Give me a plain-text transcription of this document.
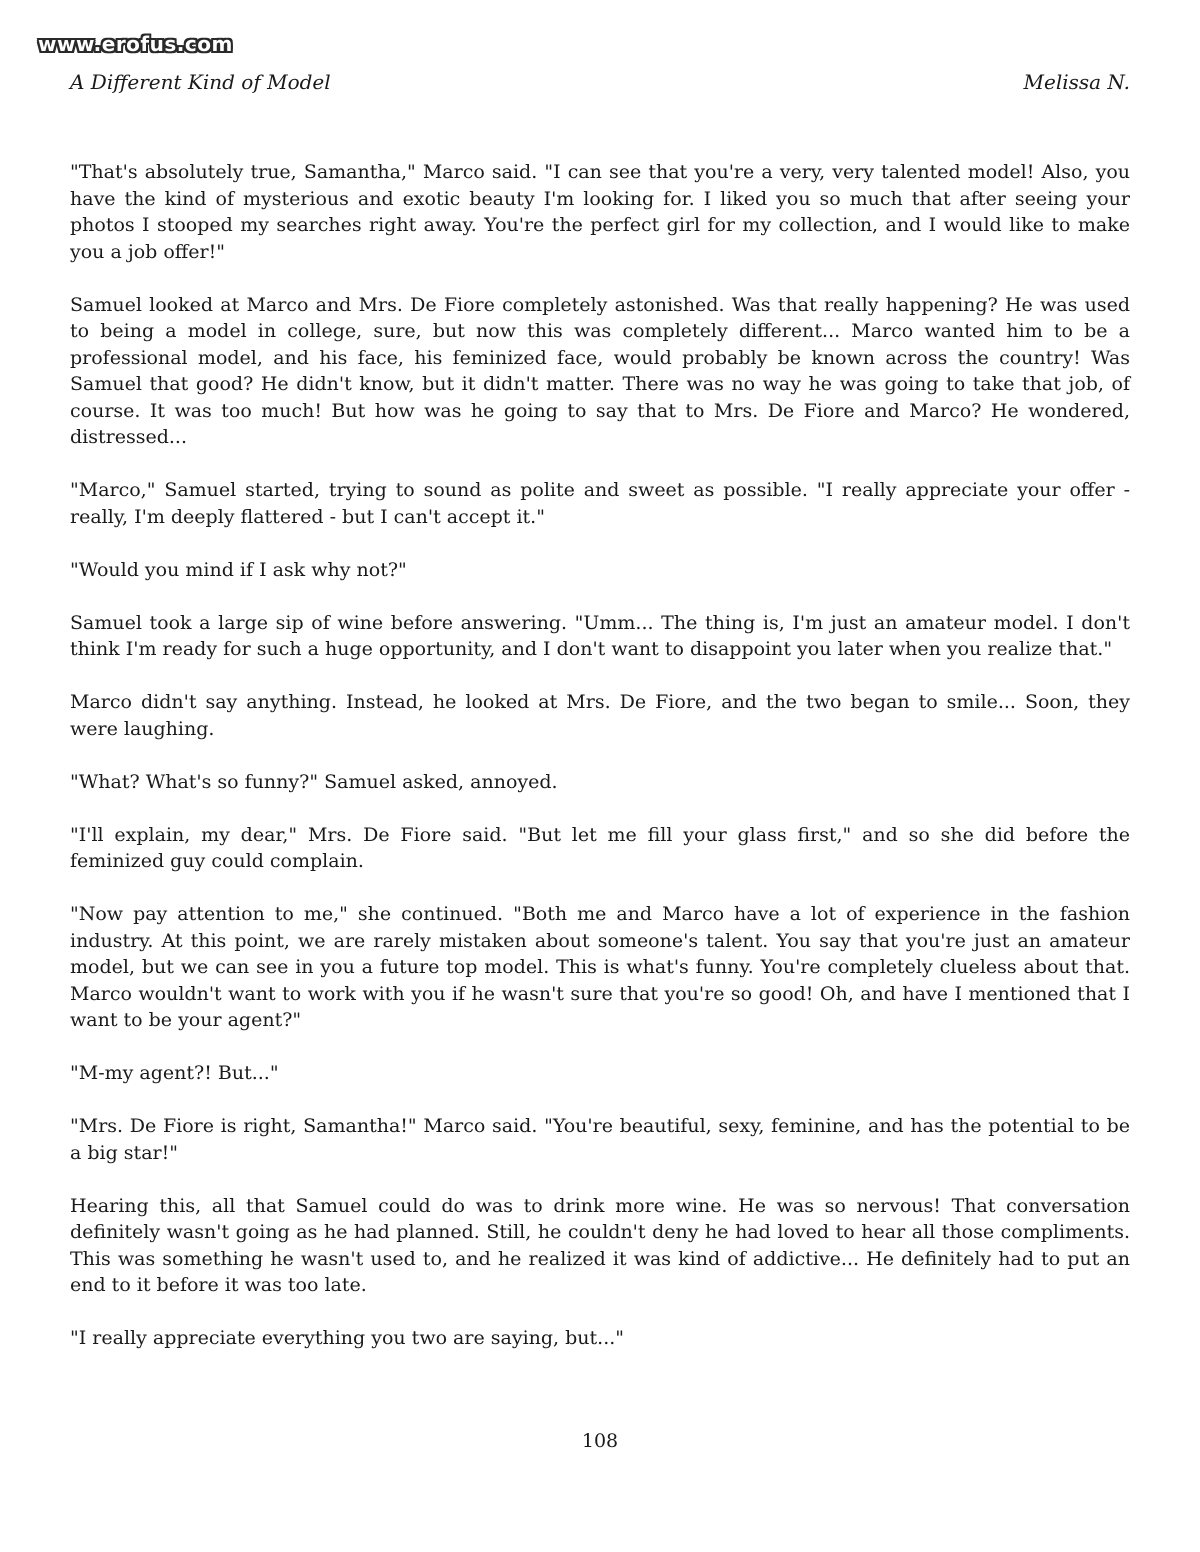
www.erofus.com
A Different Kind of Model	Melissa N.

"That's absolutely true, Samantha," Marco said. "I can see that you're a very, very talented model! Also, you have the kind of mysterious and exotic beauty I'm looking for. I liked you so much that after seeing your photos I stooped my searches right away. You're the perfect girl for my collection, and I would like to make you a job offer!"

Samuel looked at Marco and Mrs. De Fiore completely astonished. Was that really happening? He was used to being a model in college, sure, but now this was completely different... Marco wanted him to be a professional model, and his face, his feminized face, would probably be known across the country! Was Samuel that good? He didn't know, but it didn't matter. There was no way he was going to take that job, of course. It was too much! But how was he going to say that to Mrs. De Fiore and Marco? He wondered, distressed...

"Marco," Samuel started, trying to sound as polite and sweet as possible. "I really appreciate your offer - really, I'm deeply flattered - but I can't accept it."

"Would you mind if I ask why not?"

Samuel took a large sip of wine before answering. "Umm... The thing is, I'm just an amateur model. I don't think I'm ready for such a huge opportunity, and I don't want to disappoint you later when you realize that."

Marco didn't say anything. Instead, he looked at Mrs. De Fiore, and the two began to smile... Soon, they were laughing.

"What? What's so funny?" Samuel asked, annoyed.

"I'll explain, my dear," Mrs. De Fiore said. "But let me fill your glass first," and so she did before the feminized guy could complain.

"Now pay attention to me," she continued. "Both me and Marco have a lot of experience in the fashion industry. At this point, we are rarely mistaken about someone's talent. You say that you're just an amateur model, but we can see in you a future top model. This is what's funny. You're completely clueless about that. Marco wouldn't want to work with you if he wasn't sure that you're so good! Oh, and have I mentioned that I want to be your agent?"

"M-my agent?! But..."

"Mrs. De Fiore is right, Samantha!" Marco said. "You're beautiful, sexy, feminine, and has the potential to be a big star!"

Hearing this, all that Samuel could do was to drink more wine. He was so nervous! That conversation definitely wasn't going as he had planned. Still, he couldn't deny he had loved to hear all those compliments. This was something he wasn't used to, and he realized it was kind of addictive... He definitely had to put an end to it before it was too late.

"I really appreciate everything you two are saying, but..."

108
